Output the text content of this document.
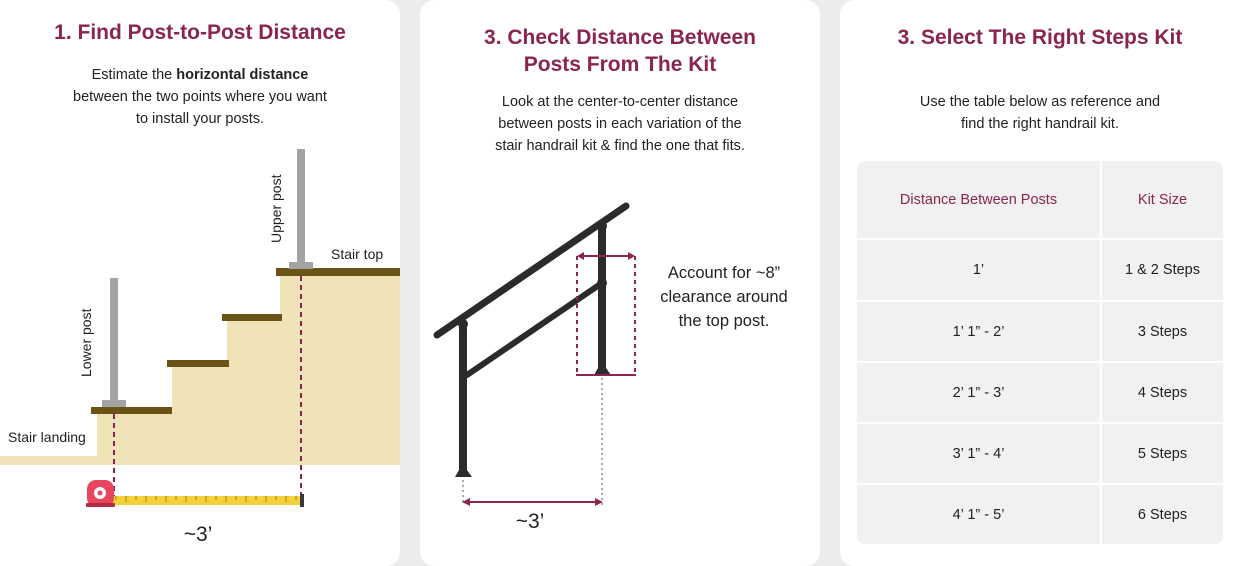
1. Find Post-to-Post Distance
Estimate the horizontal distance
between the two points where you want
to install your posts.
Upper post
Lower post
Stair top
Stair landing
~3’
3. Check Distance Between
Posts From The Kit
Look at the center-to-center distance
between posts in each variation of the
stair handrail kit & find the one that fits.
~3’
Account for ~8”
clearance around
the top post.
3. Select The Right Steps Kit
Use the table below as reference and
find the right handrail kit.
Distance Between Posts	Kit Size
1’	1 & 2 Steps
1’ 1” - 2’	3 Steps
2’ 1” - 3’	4 Steps
3’ 1” - 4’	5 Steps
4’ 1” - 5’	6 Steps
